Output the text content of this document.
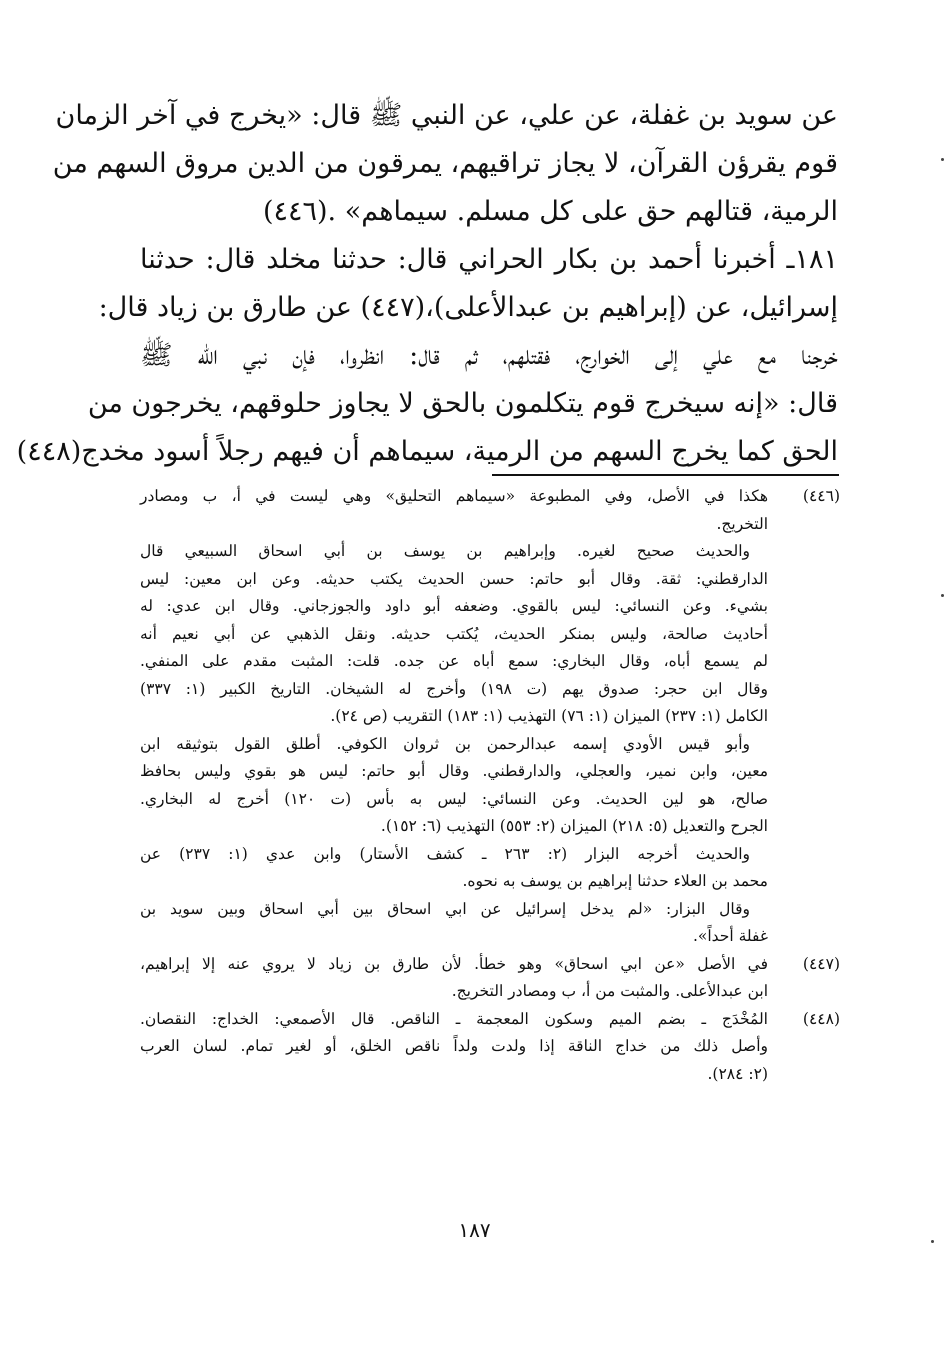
عن سويد بن غفلة، عن علي، عن النبي ﷺ قال: «يخرج في آخر الزمان
قوم يقرؤن القرآن، لا يجاز تراقيهم، يمرقون من الدين مروق السهم من
الرمية، قتالهم حق على كل مسلم. سيماهم» .(٤٤٦)
١٨١ـ أخبرنا أحمد بن بكار الحراني قال: حدثنا مخلد قال: حدثنا
إسرائيل، عن (إبراهيم بن عبدالأعلى)،(٤٤٧) عن طارق بن زياد قال:
خرجنا مع علي إلى الخوارج، فقتلهم، ثم قال: انظروا، فإن نبي الله ﷺ
قال: «إنه سيخرج قوم يتكلمون بالحق لا يجاوز حلوقهم، يخرجون من
الحق كما يخرج السهم من الرمية، سيماهم أن فيهم رجلاً أسود مخدج(٤٤٨)
(٤٤٦)
هكذا في الأصل، وفي المطبوعة «سيماهم التحليق» وهي ليست في أ، ب ومصادر
التخريج.
والحديث صحيح لغيره. وإبراهيم بن يوسف بن أبي اسحاق السبيعي قال
الدارقطني: ثقة. وقال أبو حاتم: حسن الحديث يكتب حديثه. وعن ابن معين: ليس
بشيء. وعن النسائي: ليس بالقوي. وضعفه أبو داود والجوزجاني. وقال ابن عدي: له
أحاديث صالحة، وليس بمنكر الحديث، يُكتب حديثه. ونقل الذهبي عن أبي نعيم أنه
لم يسمع أباه، وقال البخاري: سمع أباه عن جده. قلت: المثبت مقدم على المنفي.
وقال ابن حجر: صدوق يهم (ت ١٩٨) وأخرج له الشيخان. التاريخ الكبير (١: ٣٣٧)
الكامل (١: ٢٣٧) الميزان (١: ٧٦) التهذيب (١: ١٨٣) التقريب (ص ٢٤).
وأبو قيس الأودي إسمه عبدالرحمن بن ثروان الكوفي. أطلق القول بتوثيقه ابن
معين، وابن نمير، والعجلي، والدارقطني. وقال أبو حاتم: ليس هو بقوي وليس بحافظ
صالح، هو لين الحديث. وعن النسائي: ليس به بأس (ت ١٢٠) أخرج له البخاري.
الجرح والتعديل (٥: ٢١٨) الميزان (٢: ٥٥٣) التهذيب (٦: ١٥٢).
والحديث أخرجه البزار (٢: ٢٦٣ ـ كشف الأستار) وابن عدي (١: ٢٣٧) عن
محمد بن العلاء حدثنا إبراهيم بن يوسف به نحوه.
وقال البزار: «لم يدخل إسرائيل عن ابي اسحاق بين أبي اسحاق وبين سويد بن
غفلة أحداً».
(٤٤٧)
في الأصل «عن ابي اسحاق» وهو خطأ. لأن طارق بن زياد لا يروي عنه إلا إبراهيم،
ابن عبدالأعلى. والمثبت من أ، ب ومصادر التخريج.
(٤٤٨)
المُخْدَج ـ بضم الميم وسكون المعجمة ـ الناقص. قال الأصمعي: الخداج: النقصان.
وأصل ذلك من خداج الناقة إذا ولدت ولداً ناقص الخلق، أو لغير تمام. لسان العرب
(٢: ٢٨٤).
١٨٧
